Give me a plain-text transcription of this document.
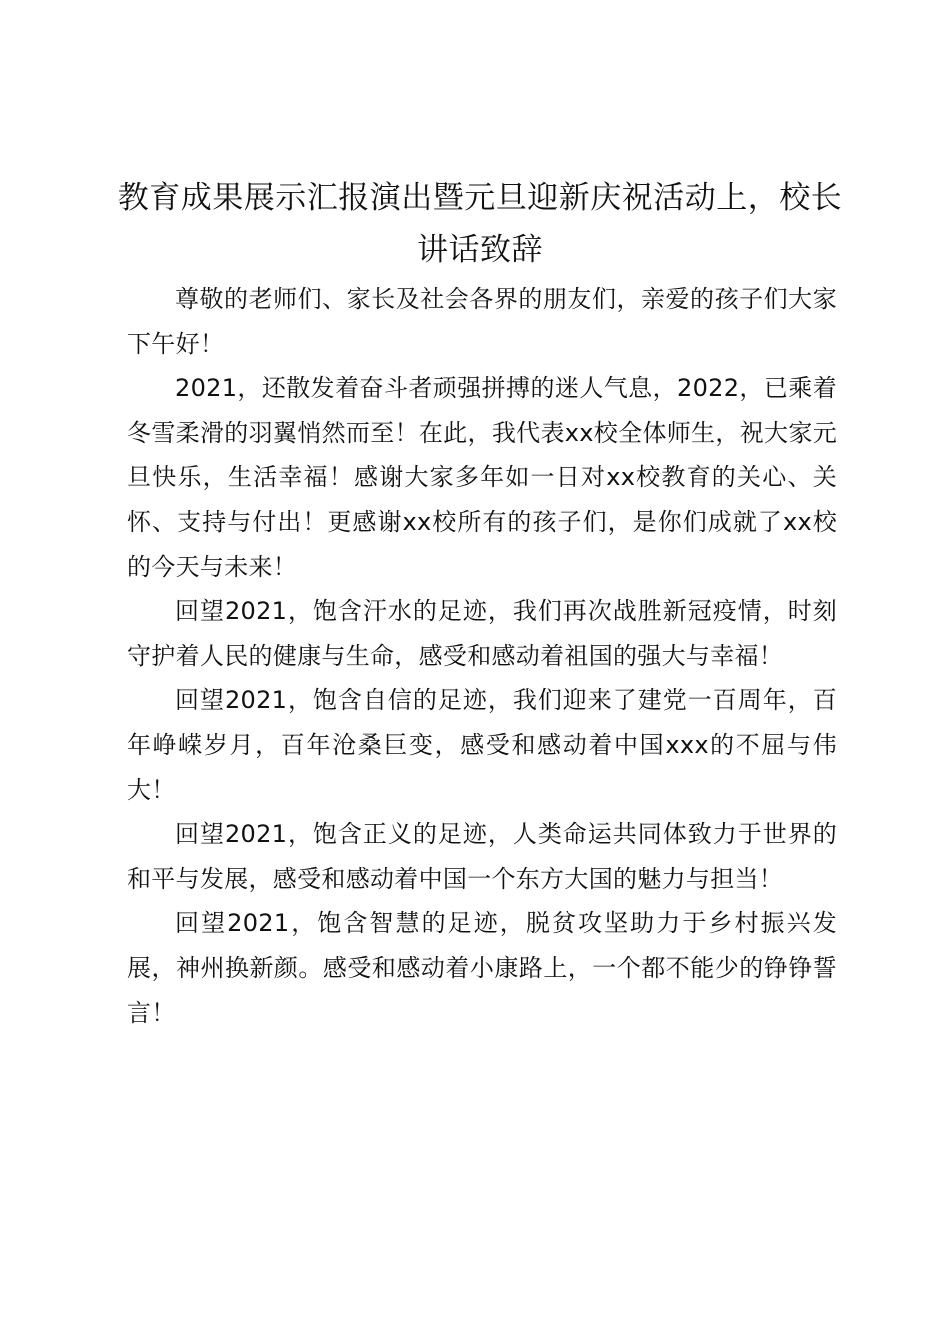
教育成果展示汇报演出暨元旦迎新庆祝活动上，校长讲话致辞

尊敬的老师们、家长及社会各界的朋友们，亲爱的孩子们大家下午好！

2021，还散发着奋斗者顽强拼搏的迷人气息，2022，已乘着冬雪柔滑的羽翼悄然而至！在此，我代表xx校全体师生，祝大家元旦快乐，生活幸福！感谢大家多年如一日对xx校教育的关心、关怀、支持与付出！更感谢xx校所有的孩子们，是你们成就了xx校的今天与未来！

回望2021，饱含汗水的足迹，我们再次战胜新冠疫情，时刻守护着人民的健康与生命，感受和感动着祖国的强大与幸福！

回望2021，饱含自信的足迹，我们迎来了建党一百周年，百年峥嵘岁月，百年沧桑巨变，感受和感动着中国xxx的不屈与伟大！

回望2021，饱含正义的足迹，人类命运共同体致力于世界的和平与发展，感受和感动着中国一个东方大国的魅力与担当！

回望2021，饱含智慧的足迹，脱贫攻坚助力于乡村振兴发展，神州换新颜。感受和感动着小康路上，一个都不能少的铮铮誓言！
